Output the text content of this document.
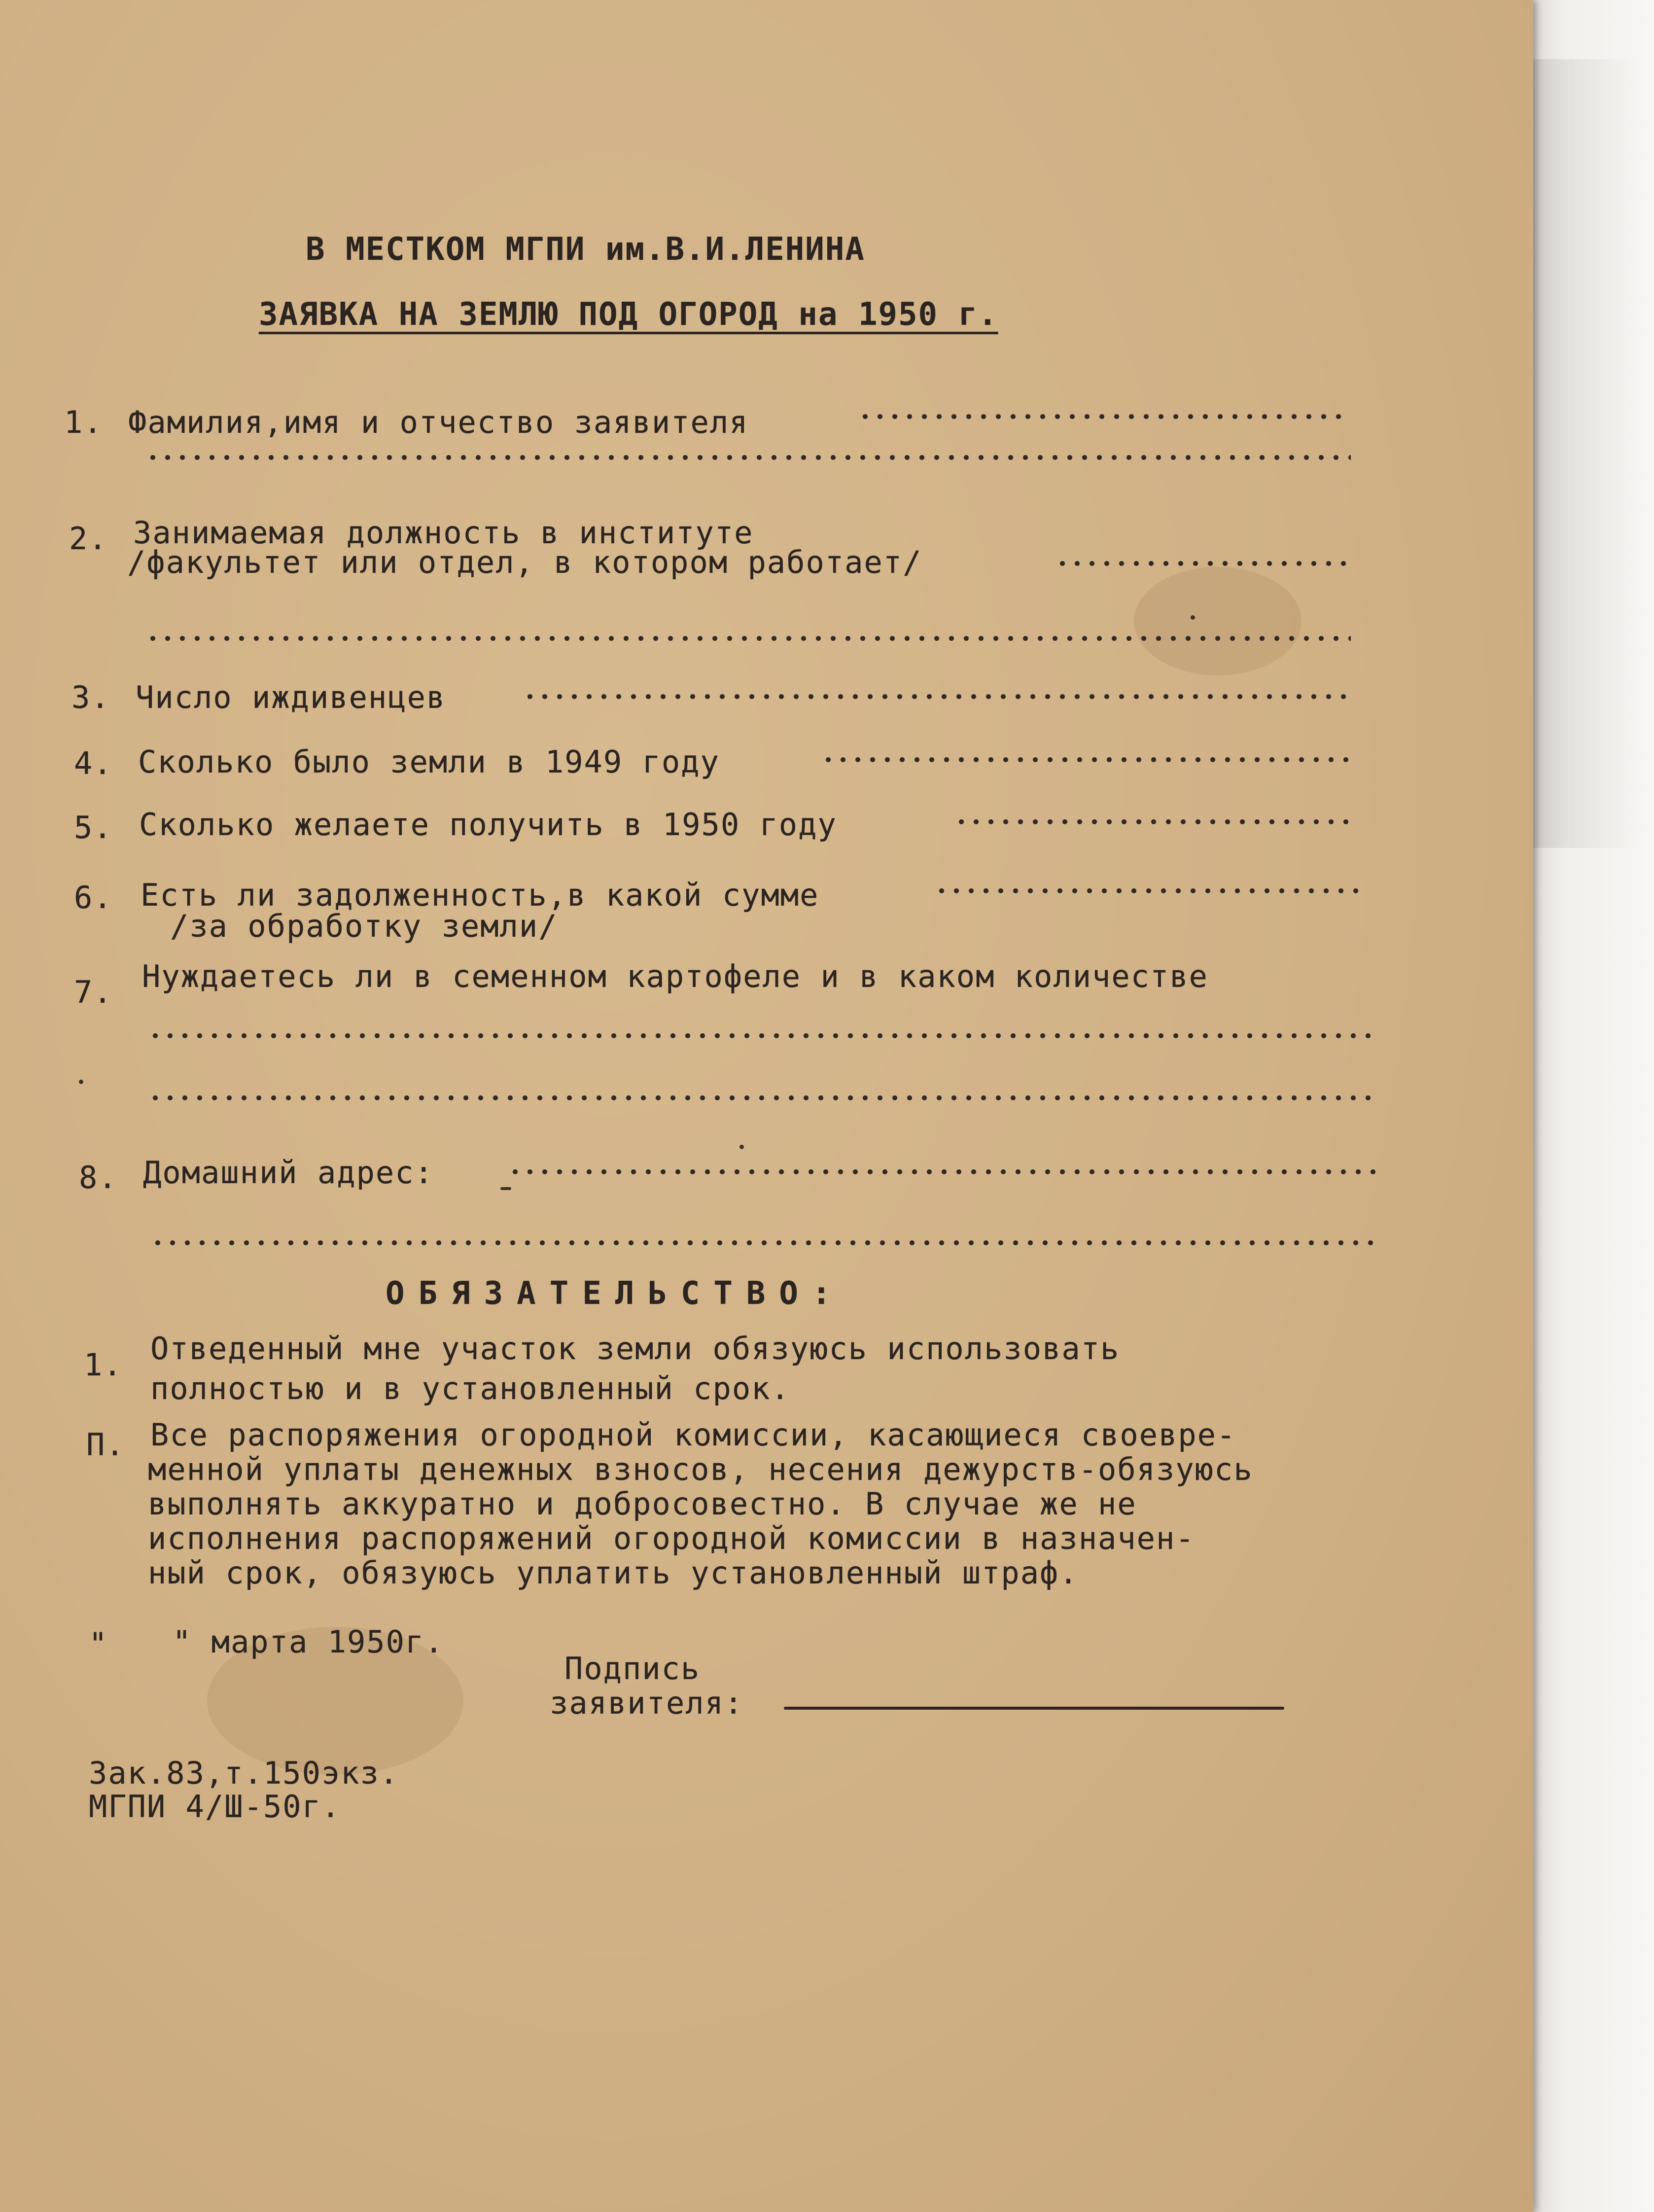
В МЕСТКОМ МГПИ им.В.И.ЛЕНИНА
ЗАЯВКА НА ЗЕМЛЮ ПОД ОГОРОД на 1950 г.
1. Фамилия,имя и отчество заявителя
2. Занимаемая должность в институте
/факультет или отдел, в котором работает/
3. Число иждивенцев
4. Сколько было земли в 1949 году
5. Сколько желаете получить в 1950 году
6. Есть ли задолженность,в какой сумме
/за обработку земли/
7. Нуждаетесь ли в семенном картофеле и в каком количестве
8. Домашний адрес:
ОБЯЗАТЕЛЬСТВО:
1. Отведенный мне участок земли обязуюсь использовать
полностью и в установленный срок.
П. Все распоряжения огородной комиссии, касающиеся своевре-
менной уплаты денежных взносов, несения дежурств-обязуюсь
выполнять аккуратно и добросовестно. В случае же не
исполнения распоряжений огородной комиссии в назначен-
ный срок, обязуюсь уплатить установленный штраф.
" " марта 1950г.
Подпись
заявителя:
Зак.83,т.150экз.
МГПИ 4/Ш-50г.
